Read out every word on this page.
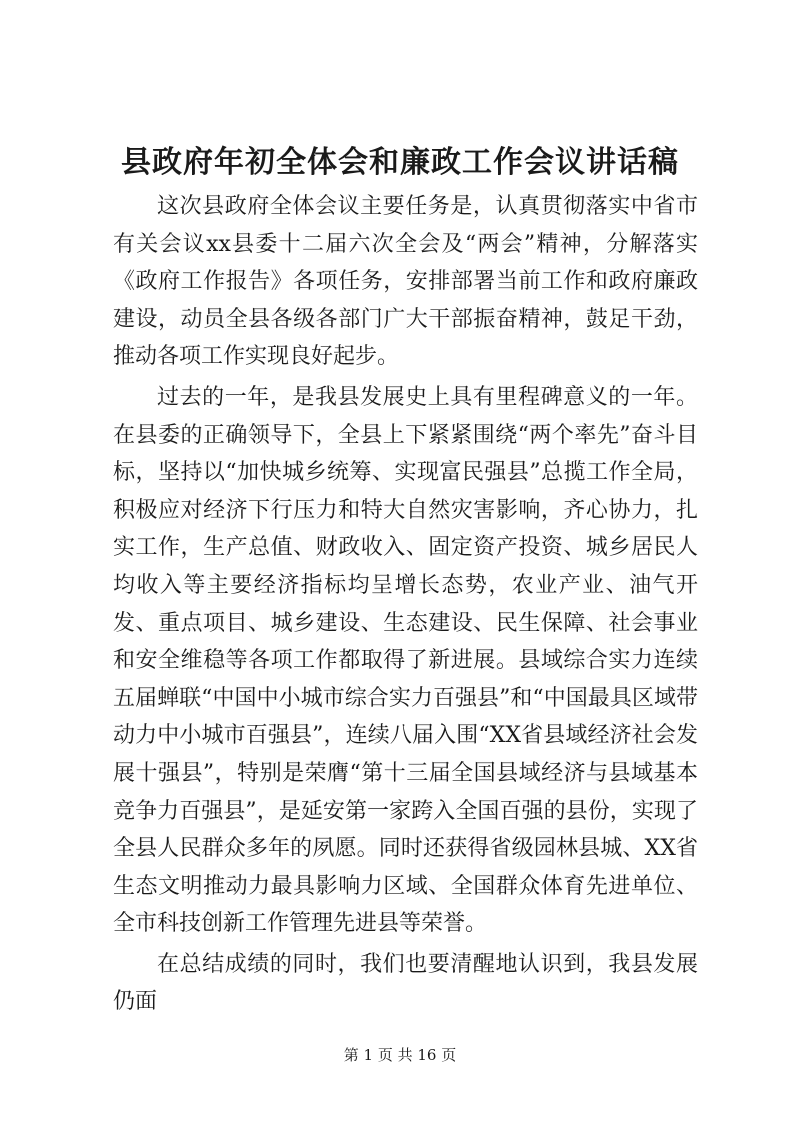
县政府年初全体会和廉政工作会议讲话稿

这次县政府全体会议主要任务是，认真贯彻落实中省市有关会议xx县委十二届六次全会及“两会”精神，分解落实《政府工作报告》各项任务，安排部署当前工作和政府廉政建设，动员全县各级各部门广大干部振奋精神，鼓足干劲，推动各项工作实现良好起步。

过去的一年，是我县发展史上具有里程碑意义的一年。在县委的正确领导下，全县上下紧紧围绕“两个率先”奋斗目标，坚持以“加快城乡统筹、实现富民强县”总揽工作全局，积极应对经济下行压力和特大自然灾害影响，齐心协力，扎实工作，生产总值、财政收入、固定资产投资、城乡居民人均收入等主要经济指标均呈增长态势，农业产业、油气开发、重点项目、城乡建设、生态建设、民生保障、社会事业和安全维稳等各项工作都取得了新进展。县域综合实力连续五届蝉联“中国中小城市综合实力百强县”和“中国最具区域带动力中小城市百强县”，连续八届入围“XX省县域经济社会发展十强县”，特别是荣膺“第十三届全国县域经济与县域基本竞争力百强县”，是延安第一家跨入全国百强的县份，实现了全县人民群众多年的夙愿。同时还获得省级园林县城、XX省生态文明推动力最具影响力区域、全国群众体育先进单位、全市科技创新工作管理先进县等荣誉。

在总结成绩的同时，我们也要清醒地认识到，我县发展仍面

第 1 页 共 16 页
